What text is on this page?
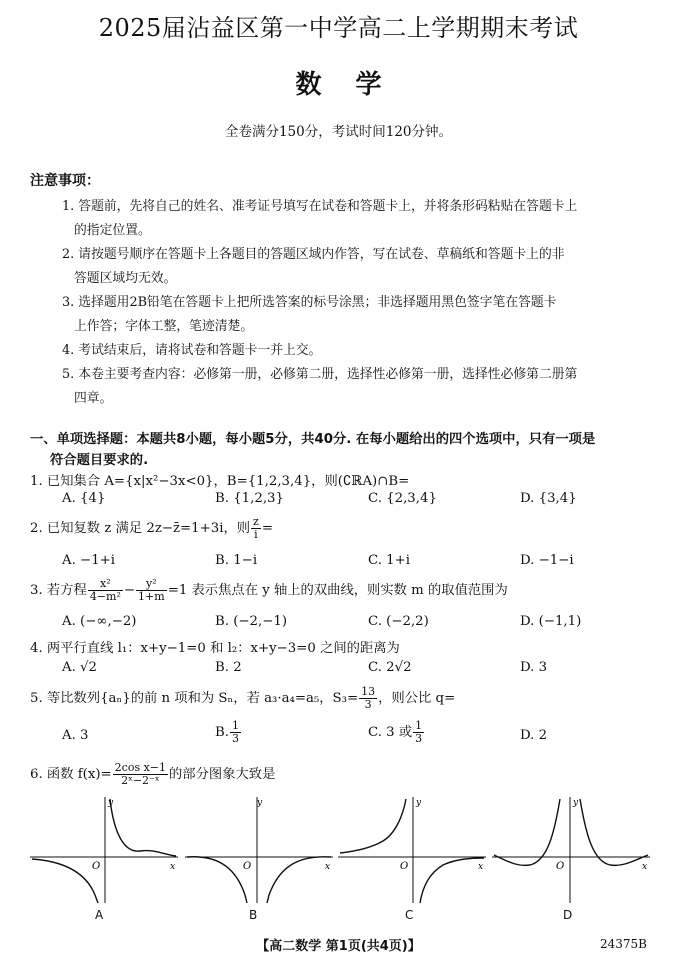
2025届沾益区第一中学高二上学期期末考试
数学
全卷满分150分，考试时间120分钟。
注意事项：
1. 答题前，先将自己的姓名、准考证号填写在试卷和答题卡上，并将条形码粘贴在答题卡上
的指定位置。
2. 请按题号顺序在答题卡上各题目的答题区域内作答，写在试卷、草稿纸和答题卡上的非
答题区域均无效。
3. 选择题用2B铅笔在答题卡上把所选答案的标号涂黑；非选择题用黑色签字笔在答题卡
上作答；字体工整，笔迹清楚。
4. 考试结束后，请将试卷和答题卡一并上交。
5. 本卷主要考查内容：必修第一册，必修第二册，选择性必修第一册，选择性必修第二册第
四章。
一、单项选择题：本题共8小题，每小题5分，共40分. 在每小题给出的四个选项中，只有一项是
符合题目要求的.
1. 已知集合 A={x|x²−3x<0}，B={1,2,3,4}，则(∁ℝA)∩B=
A. {4}	B. {1,2,3}	C. {2,3,4}	D. {3,4}
2. 已知复数 z 满足 2z−z̄=1+3i，则 $\frac{z}{i}$ =
A. −1+i	B. 1−i	C. 1+i	D. −1−i
3. 若方程 $\frac{\text{x²}}{\text{4−m²}} - \frac{\text{y²}}{1+m} =1$ 表示焦点在 y 轴上的双曲线，则实数 m 的取值范围为
A. (−∞,−2)	B. (−2,−1)	C. (−2,2)	D. (−1,1)
4. 两平行直线 l₁：x+y−1=0 和 l₂：x+y−3=0 之间的距离为
A. √2	B. 2	C. 2√2	D. 3
5. 等比数列{aₙ}的前 n 项和为 Sₙ，若 a₃·a₄=a₅，$S_3= \frac{13}{3}$ ，则公比 q=
A. 3	B. $\frac{1}{3}$	C. 3 或 $\frac{1}{3}$	D. 2
6. 函数 $f(x)= \frac{\text{2cos x−1}}{\text{2ˣ−2⁻ˣ}}$ 的部分图象大致是
O	x
y
O	x
y
O	x
y
O	x
y
A	B	C	D
【高二数学 第1页(共4页)】	24375B
